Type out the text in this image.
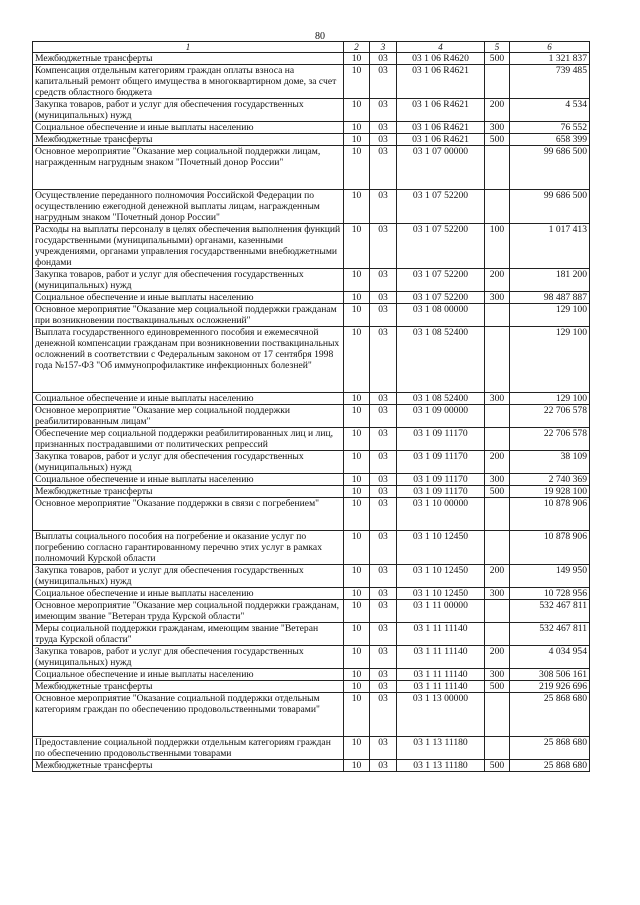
80
1	2	3	4	5	6
Межбюджетные трансферты	10	03	03 1 06 R4620	500	1 321 837
Компенсация отдельным категориям граждан оплаты взноса на капитальный ремонт общего имущества в многоквартирном доме, за счет средств областного бюджета	10	03	03 1 06 R4621		739 485
Закупка товаров, работ и услуг для обеспечения государственных (муниципальных) нужд	10	03	03 1 06 R4621	200	4 534
Социальное обеспечение и иные выплаты населению	10	03	03 1 06 R4621	300	76 552
Межбюджетные трансферты	10	03	03 1 06 R4621	500	658 399
Основное мероприятие "Оказание мер социальной поддержки лицам, награжденным нагрудным знаком "Почетный донор России"	10	03	03 1 07 00000		99 686 500
Осуществление переданного полномочия Российской Федерации по осуществлению ежегодной денежной выплаты лицам, награжденным нагрудным знаком "Почетный донор России"	10	03	03 1 07 52200		99 686 500
Расходы на выплаты персоналу в целях обеспечения выполнения функций государственными (муниципальными) органами, казенными учреждениями, органами управления государственными внебюджетными фондами	10	03	03 1 07 52200	100	1 017 413
Закупка товаров, работ и услуг для обеспечения государственных (муниципальных) нужд	10	03	03 1 07 52200	200	181 200
Социальное обеспечение и иные выплаты населению	10	03	03 1 07 52200	300	98 487 887
Основное мероприятие "Оказание мер социальной поддержки гражданам при возникновении поствакцинальных осложнений"	10	03	03 1 08 00000		129 100
Выплата государственного единовременного пособия и ежемесячной денежной компенсации гражданам при возникновении поствакцинальных осложнений в соответствии с Федеральным законом от 17 сентября 1998 года №157-ФЗ "Об иммунопрофилактике инфекционных болезней"	10	03	03 1 08 52400		129 100
Социальное обеспечение и иные выплаты населению	10	03	03 1 08 52400	300	129 100
Основное мероприятие "Оказание мер социальной поддержки реабилитированным лицам"	10	03	03 1 09 00000		22 706 578
Обеспечение мер социальной поддержки реабилитированных лиц и лиц, признанных пострадавшими от политических репрессий	10	03	03 1 09 11170		22 706 578
Закупка товаров, работ и услуг для обеспечения государственных (муниципальных) нужд	10	03	03 1 09 11170	200	38 109
Социальное обеспечение и иные выплаты населению	10	03	03 1 09 11170	300	2 740 369
Межбюджетные трансферты	10	03	03 1 09 11170	500	19 928 100
Основное мероприятие "Оказание поддержки в связи с погребением"	10	03	03 1 10 00000		10 878 906
Выплаты социального пособия на погребение и оказание услуг по погребению согласно гарантированному перечню этих услуг в рамках полномочий Курской области	10	03	03 1 10 12450		10 878 906
Закупка товаров, работ и услуг для обеспечения государственных (муниципальных) нужд	10	03	03 1 10 12450	200	149 950
Социальное обеспечение и иные выплаты населению	10	03	03 1 10 12450	300	10 728 956
Основное мероприятие "Оказание мер социальной поддержки гражданам, имеющим звание "Ветеран труда Курской области"	10	03	03 1 11 00000		532 467 811
Меры социальной поддержки гражданам, имеющим звание "Ветеран труда Курской области"	10	03	03 1 11 11140		532 467 811
Закупка товаров, работ и услуг для обеспечения государственных (муниципальных) нужд	10	03	03 1 11 11140	200	4 034 954
Социальное обеспечение и иные выплаты населению	10	03	03 1 11 11140	300	308 506 161
Межбюджетные трансферты	10	03	03 1 11 11140	500	219 926 696
Основное мероприятие "Оказание социальной поддержки отдельным категориям граждан по обеспечению продовольственными товарами"	10	03	03 1 13 00000		25 868 680
Предоставление социальной поддержки отдельным категориям граждан по обеспечению продовольственными товарами	10	03	03 1 13 11180		25 868 680
Межбюджетные трансферты	10	03	03 1 13 11180	500	25 868 680
